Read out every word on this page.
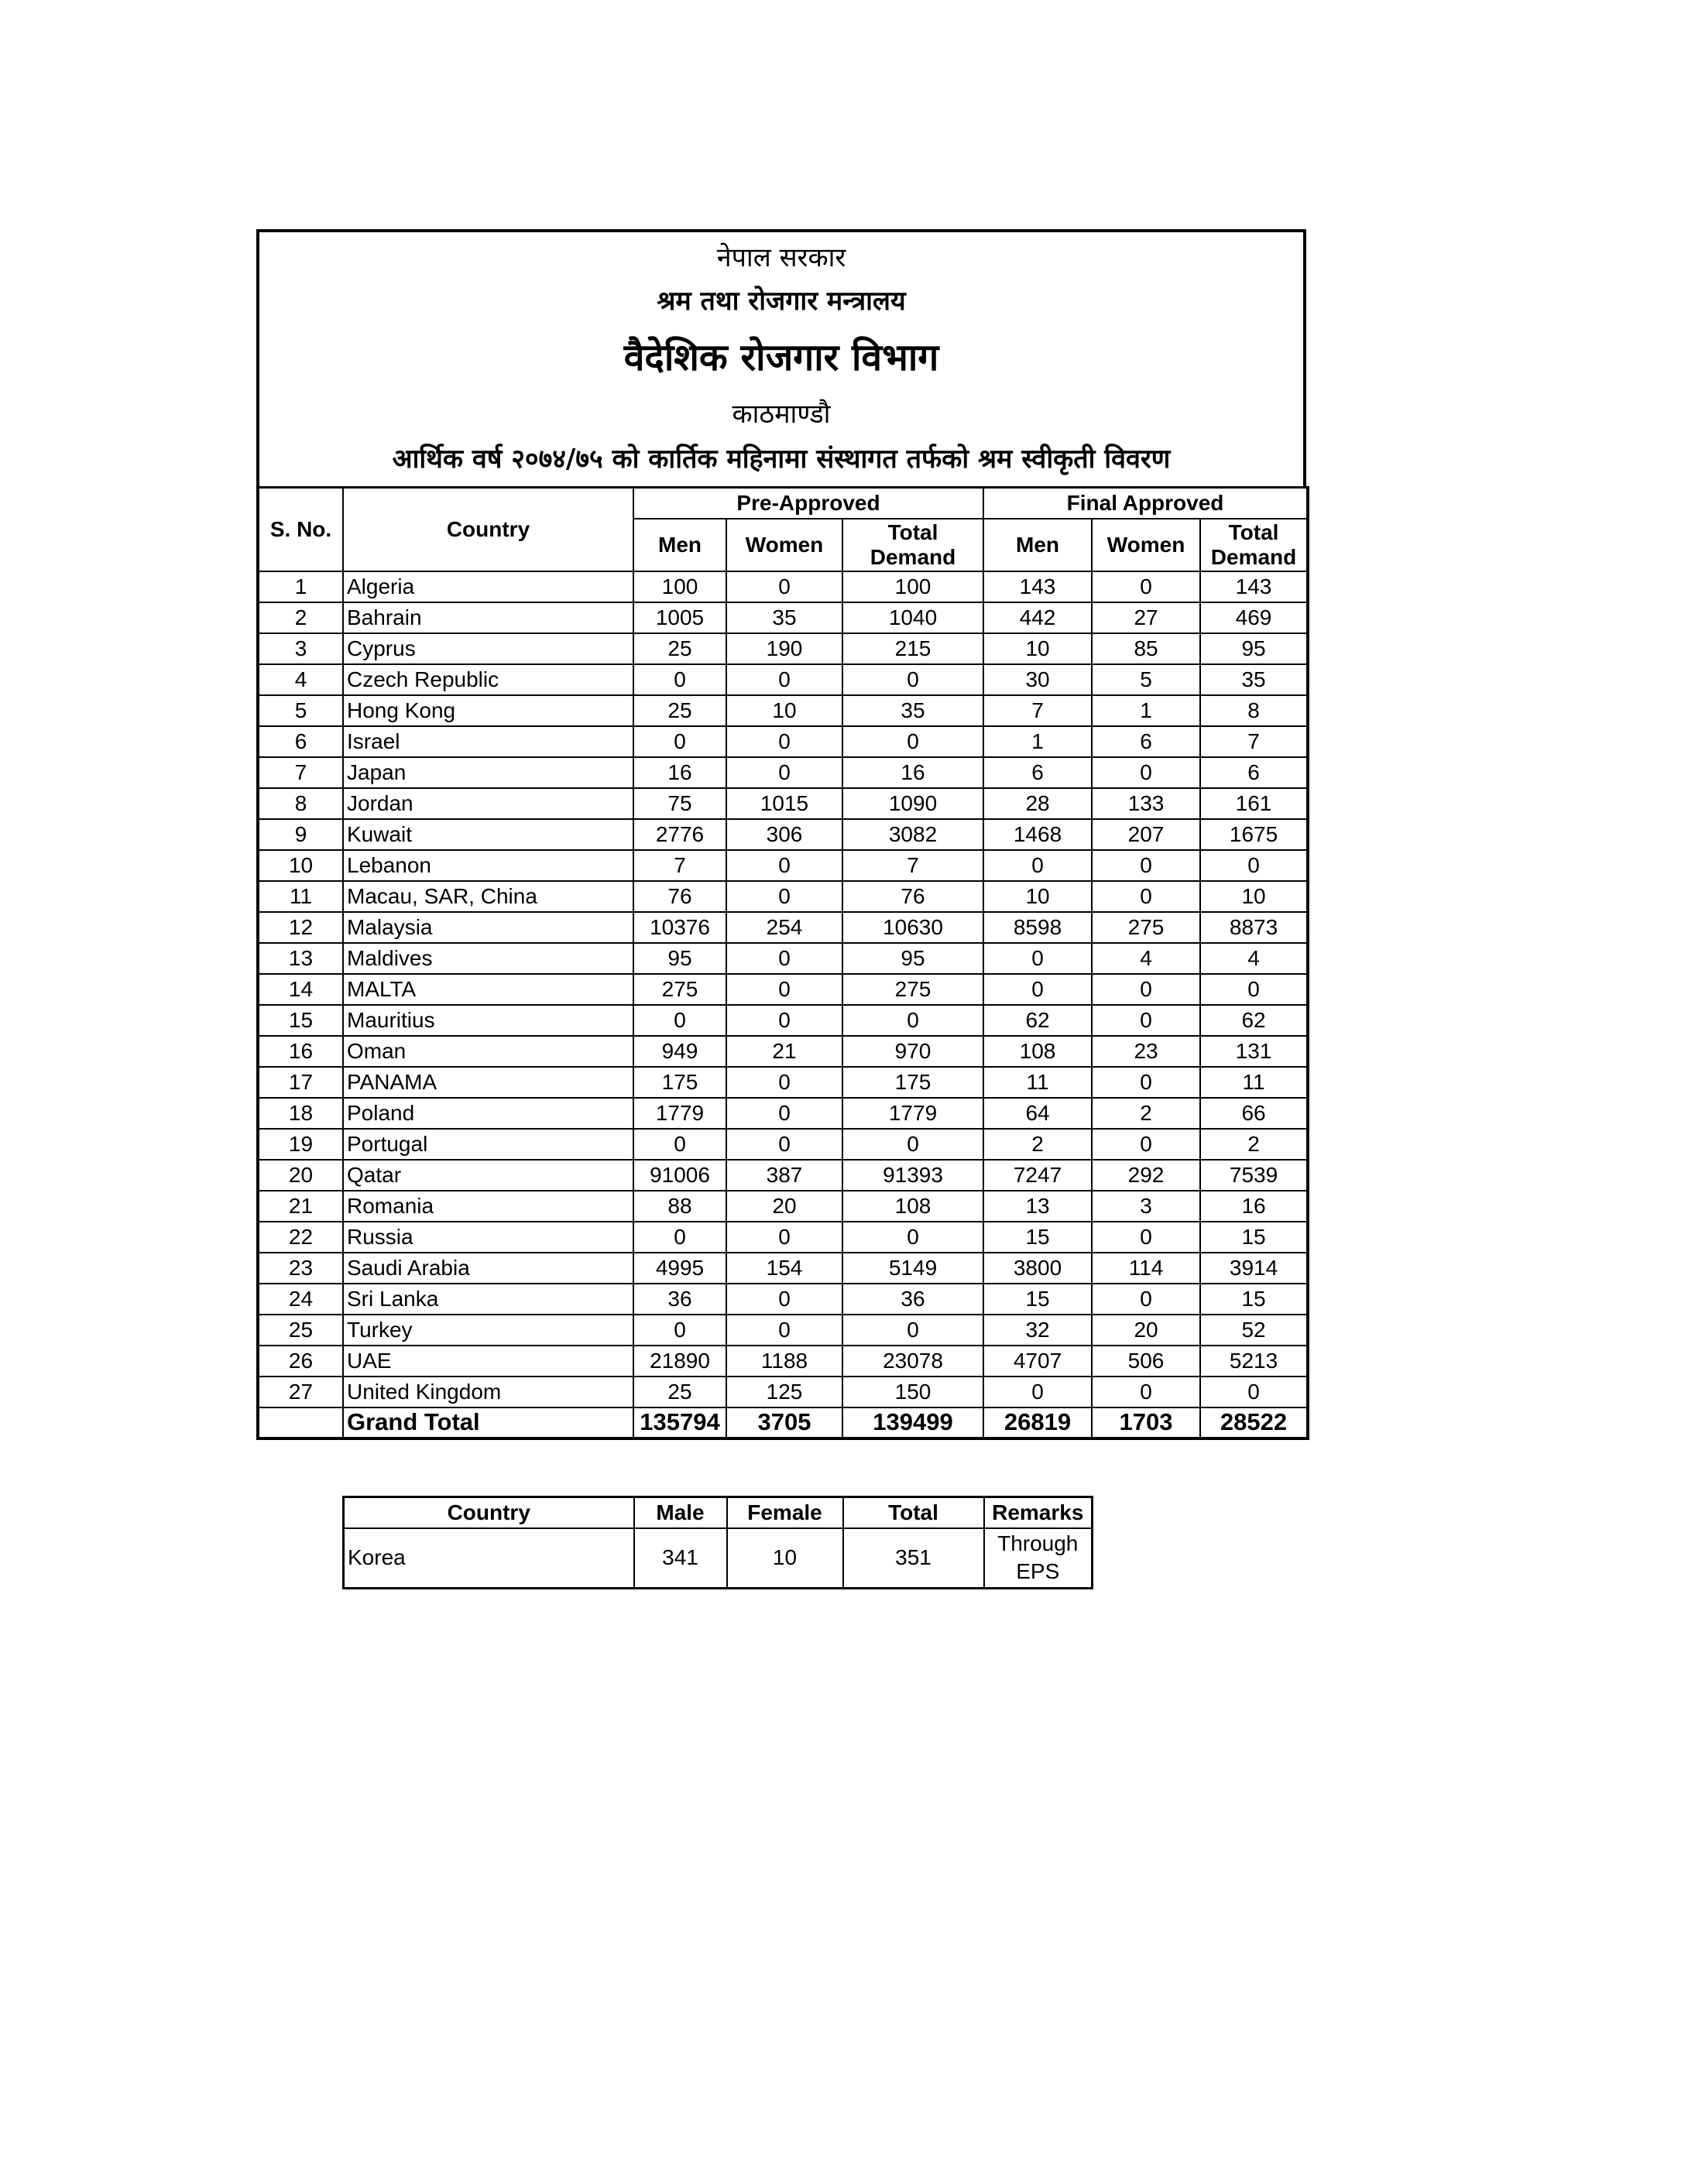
नेपाल सरकार
श्रम तथा रोजगार मन्त्रालय
वैदेशिक रोजगार विभाग
काठमाण्डौ
आर्थिक वर्ष २०७४/७५ को कार्तिक महिनामा संस्थागत तर्फको श्रम स्वीकृती विवरण
S. No.	Country	Pre-Approved			Final Approved		
		Men	Women	Total Demand	Men	Women	Total Demand
1	Algeria	100	0	100	143	0	143
2	Bahrain	1005	35	1040	442	27	469
3	Cyprus	25	190	215	10	85	95
4	Czech Republic	0	0	0	30	5	35
5	Hong Kong	25	10	35	7	1	8
6	Israel	0	0	0	1	6	7
7	Japan	16	0	16	6	0	6
8	Jordan	75	1015	1090	28	133	161
9	Kuwait	2776	306	3082	1468	207	1675
10	Lebanon	7	0	7	0	0	0
11	Macau, SAR, China	76	0	76	10	0	10
12	Malaysia	10376	254	10630	8598	275	8873
13	Maldives	95	0	95	0	4	4
14	MALTA	275	0	275	0	0	0
15	Mauritius	0	0	0	62	0	62
16	Oman	949	21	970	108	23	131
17	PANAMA	175	0	175	11	0	11
18	Poland	1779	0	1779	64	2	66
19	Portugal	0	0	0	2	0	2
20	Qatar	91006	387	91393	7247	292	7539
21	Romania	88	20	108	13	3	16
22	Russia	0	0	0	15	0	15
23	Saudi Arabia	4995	154	5149	3800	114	3914
24	Sri Lanka	36	0	36	15	0	15
25	Turkey	0	0	0	32	20	52
26	UAE	21890	1188	23078	4707	506	5213
27	United Kingdom	25	125	150	0	0	0
	Grand Total	135794	3705	139499	26819	1703	28522
Country	Male	Female	Total	Remarks
Korea	341	10	351	Through
EPS
